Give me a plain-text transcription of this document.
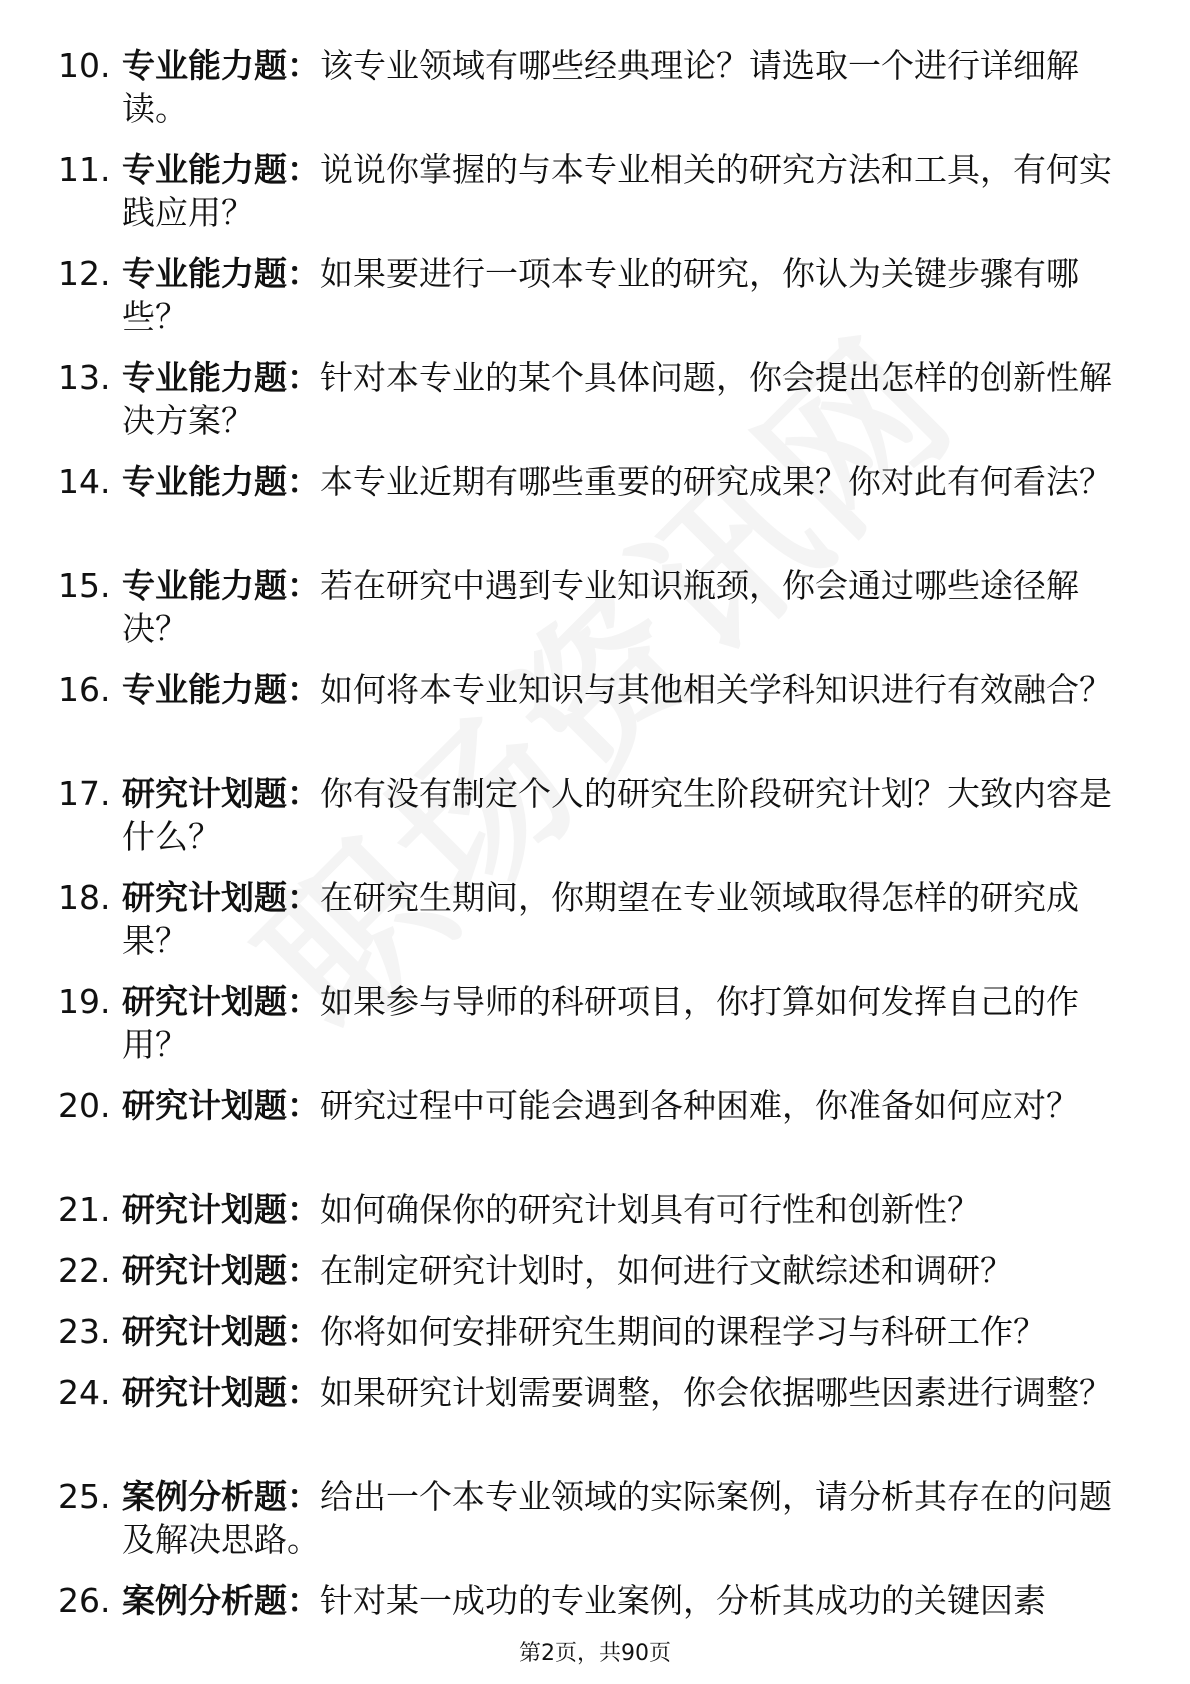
10. 专业能力题：该专业领域有哪些经典理论？请选取一个进行详细解读。
11. 专业能力题：说说你掌握的与本专业相关的研究方法和工具，有何实践应用？
12. 专业能力题：如果要进行一项本专业的研究，你认为关键步骤有哪些？
13. 专业能力题：针对本专业的某个具体问题，你会提出怎样的创新性解决方案？
14. 专业能力题：本专业近期有哪些重要的研究成果？你对此有何看法？
15. 专业能力题：若在研究中遇到专业知识瓶颈，你会通过哪些途径解决？
16. 专业能力题：如何将本专业知识与其他相关学科知识进行有效融合？
17. 研究计划题：你有没有制定个人的研究生阶段研究计划？大致内容是什么？
18. 研究计划题：在研究生期间，你期望在专业领域取得怎样的研究成果？
19. 研究计划题：如果参与导师的科研项目，你打算如何发挥自己的作用？
20. 研究计划题：研究过程中可能会遇到各种困难，你准备如何应对？
21. 研究计划题：如何确保你的研究计划具有可行性和创新性？
22. 研究计划题：在制定研究计划时，如何进行文献综述和调研？
23. 研究计划题：你将如何安排研究生期间的课程学习与科研工作？
24. 研究计划题：如果研究计划需要调整，你会依据哪些因素进行调整？
25. 案例分析题：给出一个本专业领域的实际案例，请分析其存在的问题及解决思路。
26. 案例分析题：针对某一成功的专业案例，分析其成功的关键因素
第2页，共90页
